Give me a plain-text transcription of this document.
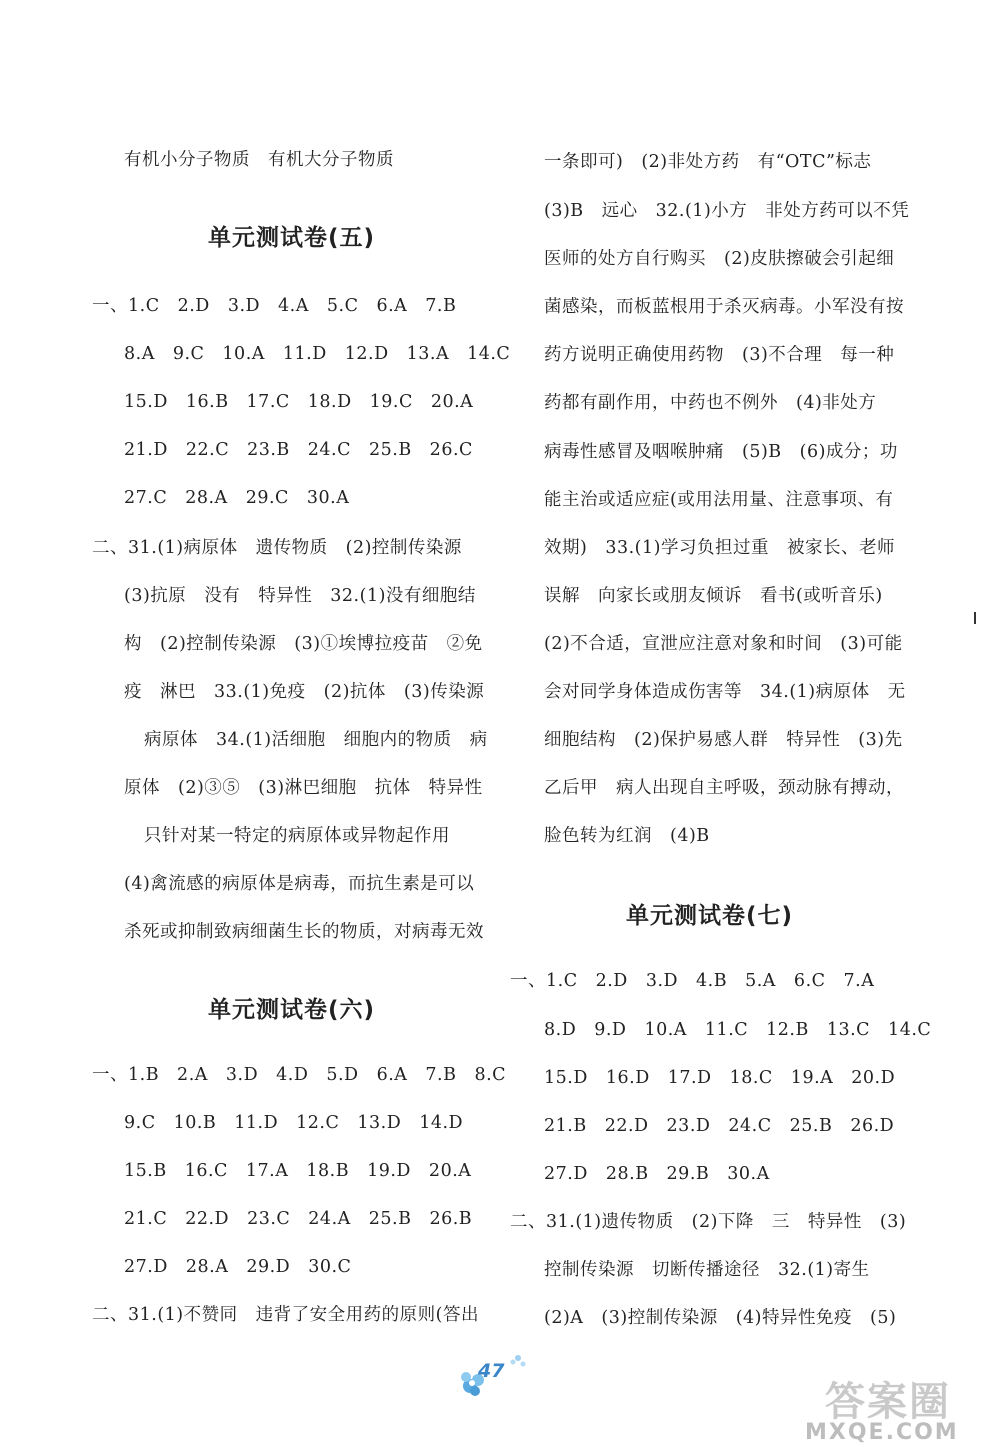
有机小分子物质　有机大分子物质
单元测试卷(五)
一、1.C　2.D　3.D　4.A　5.C　6.A　7.B
8.A　9.C　10.A　11.D　12.D　13.A　14.C
15.D　16.B　17.C　18.D　19.C　20.A
21.D　22.C　23.B　24.C　25.B　26.C
27.C　28.A　29.C　30.A
二、31.(1)病原体　遗传物质　(2)控制传染源
(3)抗原　没有　特异性　32.(1)没有细胞结
构　(2)控制传染源　(3)①埃博拉疫苗　②免
疫　淋巴　33.(1)免疫　(2)抗体　(3)传染源
病原体　34.(1)活细胞　细胞内的物质　病
原体　(2)③⑤　(3)淋巴细胞　抗体　特异性
只针对某一特定的病原体或异物起作用
(4)禽流感的病原体是病毒，而抗生素是可以
杀死或抑制致病细菌生长的物质，对病毒无效
单元测试卷(六)
一、1.B　2.A　3.D　4.D　5.D　6.A　7.B　8.C
9.C　10.B　11.D　12.C　13.D　14.D
15.B　16.C　17.A　18.B　19.D　20.A
21.C　22.D　23.C　24.A　25.B　26.B
27.D　28.A　29.D　30.C
二、31.(1)不赞同　违背了安全用药的原则(答出
一条即可)　(2)非处方药　有“OTC”标志
(3)B　远心　32.(1)小方　非处方药可以不凭
医师的处方自行购买　(2)皮肤擦破会引起细
菌感染，而板蓝根用于杀灭病毒。小军没有按
药方说明正确使用药物　(3)不合理　每一种
药都有副作用，中药也不例外　(4)非处方
病毒性感冒及咽喉肿痛　(5)B　(6)成分；功
能主治或适应症(或用法用量、注意事项、有
效期)　33.(1)学习负担过重　被家长、老师
误解　向家长或朋友倾诉　看书(或听音乐)
(2)不合适，宣泄应注意对象和时间　(3)可能
会对同学身体造成伤害等　34.(1)病原体　无
细胞结构　(2)保护易感人群　特异性　(3)先
乙后甲　病人出现自主呼吸，颈动脉有搏动，
脸色转为红润　(4)B
单元测试卷(七)
一、1.C　2.D　3.D　4.B　5.A　6.C　7.A
8.D　9.D　10.A　11.C　12.B　13.C　14.C
15.D　16.D　17.D　18.C　19.A　20.D
21.B　22.D　23.D　24.C　25.B　26.D
27.D　28.B　29.B　30.A
二、31.(1)遗传物质　(2)下降　三　特异性　(3)
控制传染源　切断传播途径　32.(1)寄生
(2)A　(3)控制传染源　(4)特异性免疫　(5)
47
答案圈
MXQE.COM
